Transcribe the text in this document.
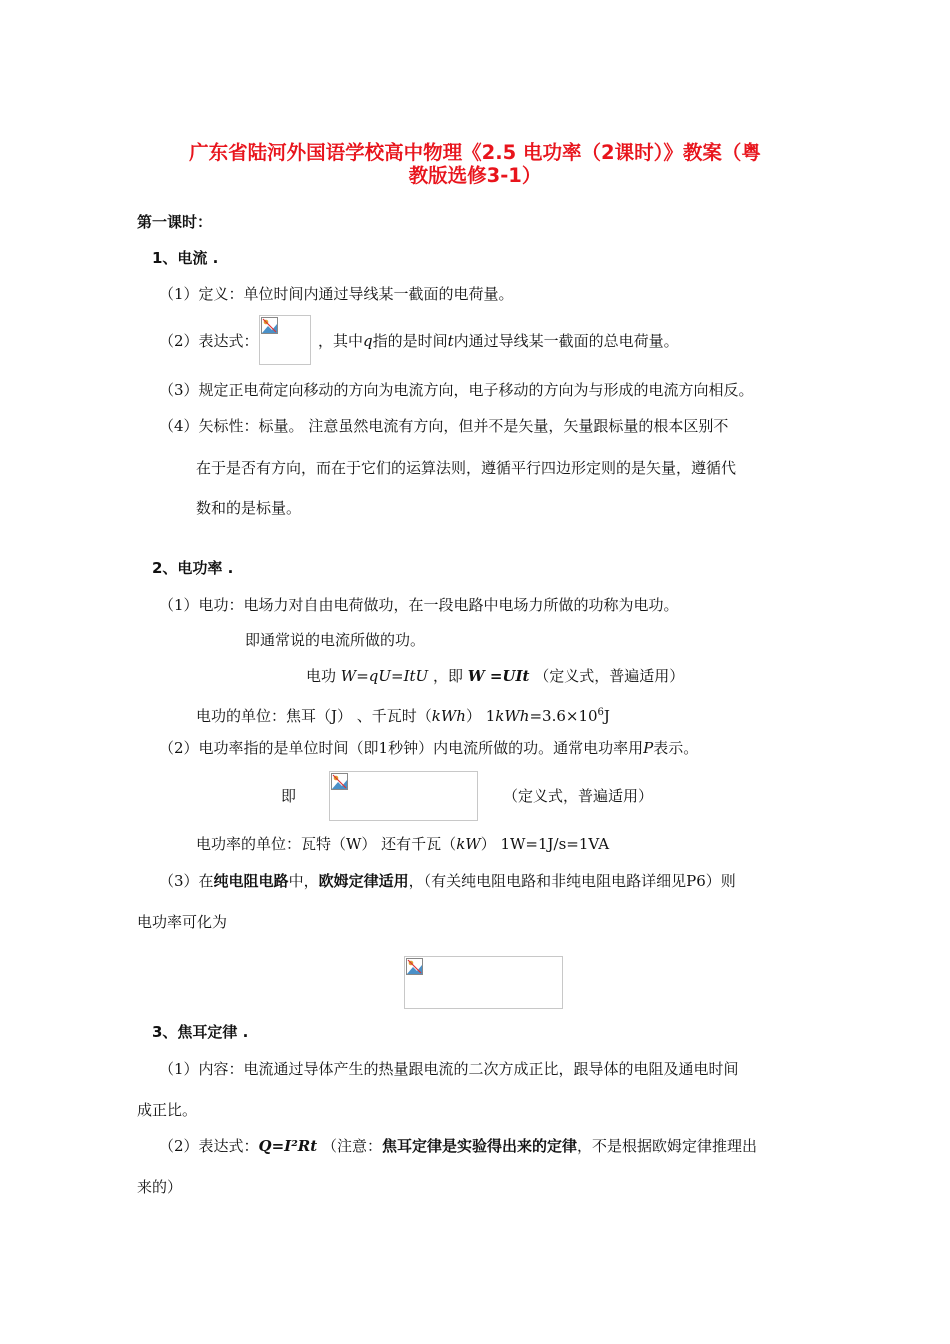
广东省陆河外国语学校高中物理《2.5 电功率（2课时）》教案（粤
教版选修3-1）
第一课时：
1、电流 .
（1）定义：单位时间内通过导线某一截面的电荷量。
（2）表达式：	，其中q指的是时间t内通过导线某一截面的总电荷量。
（3）规定正电荷定向移动的方向为电流方向，电子移动的方向为与形成的电流方向相反。
（4）矢标性：标量。 注意虽然电流有方向，但并不是矢量，矢量跟标量的根本区别不
在于是否有方向，而在于它们的运算法则，遵循平行四边形定则的是矢量，遵循代
数和的是标量。
2、电功率 .
（1）电功：电场力对自由电荷做功，在一段电路中电场力所做的功称为电功。
即通常说的电流所做的功。
电功 W=qU=ItU ，即 W =UIt （定义式，普遍适用）
电功的单位：焦耳（J） 、千瓦时（kWh） $1kWh=3.6\times 10^6J$
（2）电功率指的是单位时间（即1秒钟）内电流所做的功。通常电功率用P表示。
即	（定义式，普遍适用）
电功率的单位：瓦特（W） 还有千瓦（kW） 1W=1J/s=1VA
（3）在纯电阻电路中，欧姆定律适用，（有关纯电阻电路和非纯电阻电路详细见P6）则
电功率可化为
3、焦耳定律 .
（1）内容：电流通过导体产生的热量跟电流的二次方成正比，跟导体的电阻及通电时间
成正比。
（2）表达式：Q=I²Rt （注意：焦耳定律是实验得出来的定律，不是根据欧姆定律推理出
来的）
